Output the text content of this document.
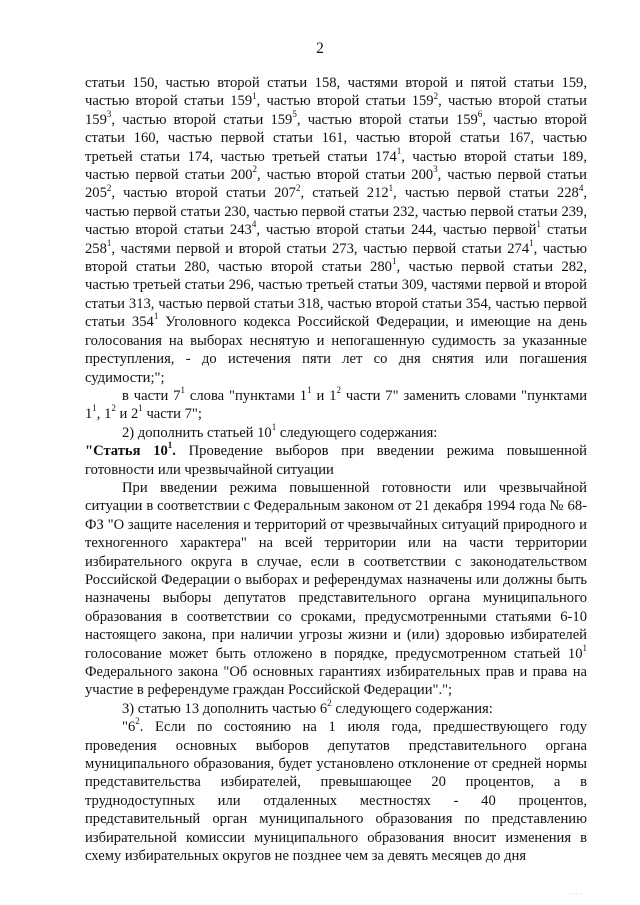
2

статьи 150, частью второй статьи 158, частями второй и пятой статьи 159, частью второй статьи $159^1$, частью второй статьи $159^2$, частью второй статьи $159^3$, частью второй статьи $159^5$, частью второй статьи $159^6$, частью второй статьи 160, частью первой статьи 161, частью второй статьи 167, частью третьей статьи 174, частью третьей статьи $174^1$, частью второй статьи 189, частью первой статьи $200^2$, частью второй статьи $200^3$, частью первой статьи $205^2$, частью второй статьи $207^2$, статьей $212^1$, частью первой статьи $228^4$, частью первой статьи 230, частью первой статьи 232, частью первой статьи 239, частью второй статьи $243^4$, частью второй статьи 244, частью первой$^1$ статьи $258^1$, частями первой и второй статьи 273, частью первой статьи $274^1$, частью второй статьи 280, частью второй статьи $280^1$, частью первой статьи 282, частью третьей статьи 296, частью третьей статьи 309, частями первой и второй статьи 313, частью первой статьи 318, частью второй статьи 354, частью первой статьи $354^1$ Уголовного кодекса Российской Федерации, и имеющие на день голосования на выборах неснятую и непогашенную судимость за указанные преступления, - до истечения пяти лет со дня снятия или погашения судимости;";

в части $7^1$ слова "пунктами $1^1$ и $1^2$ части 7" заменить словами "пунктами $1^1$, $1^2$ и $2^1$ части 7";

2) дополнить статьей $10^1$ следующего содержания:

"Статья $10^1$. Проведение выборов при введении режима повышенной готовности или чрезвычайной ситуации

При введении режима повышенной готовности или чрезвычайной ситуации в соответствии с Федеральным законом от 21 декабря 1994 года № 68-ФЗ "О защите населения и территорий от чрезвычайных ситуаций природного и техногенного характера" на всей территории или на части территории избирательного округа в случае, если в соответствии с законодательством Российской Федерации о выборах и референдумах назначены или должны быть назначены выборы депутатов представительного органа муниципального образования в соответствии со сроками, предусмотренными статьями 6-10 настоящего закона, при наличии угрозы жизни и (или) здоровью избирателей голосование может быть отложено в порядке, предусмотренном статьей $10^1$ Федерального закона "Об основных гарантиях избирательных прав и права на участие в референдуме граждан Российской Федерации".";

3) статью 13 дополнить частью $6^2$ следующего содержания:

"$6^2$. Если по состоянию на 1 июля года, предшествующего году проведения основных выборов депутатов представительного органа муниципального образования, будет установлено отклонение от средней нормы представительства избирателей, превышающее 20 процентов, а в труднодоступных или отдаленных местностях - 40 процентов, представительный орган муниципального образования по представлению избирательной комиссии муниципального образования вносит изменения в схему избирательных округов не позднее чем за девять месяцев до дня

· · · ·
